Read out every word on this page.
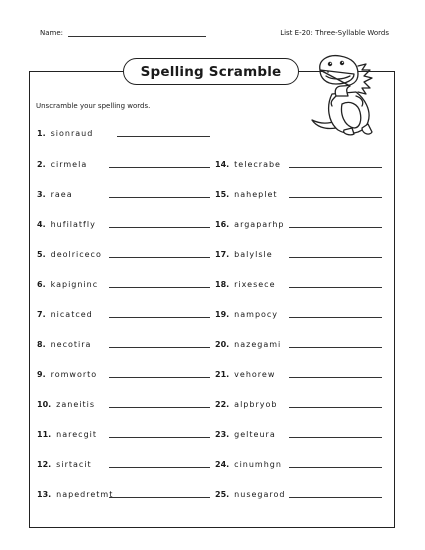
Name:	List E-20: Three-Syllable Words
Spelling Scramble
Unscramble your spelling words.
1. sionraud
2. cirmela
3. raea
4. hufilatfly
5. deolriceco
6. kapigninc
7. nicatced
8. necotira
9. romworto
10. zaneitis
11. narecgit
12. sirtacit
13. napedretmt
14. telecrabe
15. naheplet
16. argaparhp
17. balylsle
18. rixesece
19. nampocy
20. nazegami
21. vehorew
22. alpbryob
23. gelteura
24. cinumhgn
25. nusegarod
